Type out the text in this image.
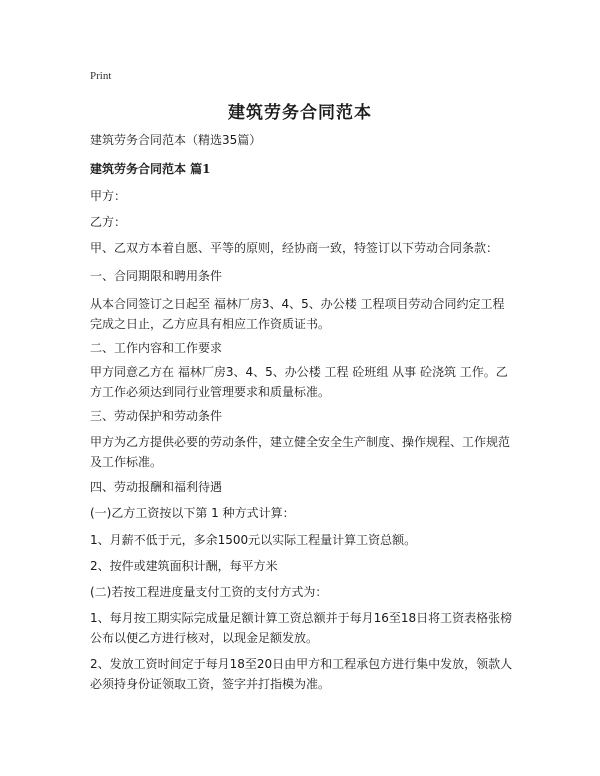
Print
建筑劳务合同范本
建筑劳务合同范本（精选35篇）
建筑劳务合同范本 篇1
甲方：
乙方：
甲、乙双方本着自愿、平等的原则，经协商一致，特签订以下劳动合同条款：
一、合同期限和聘用条件
从本合同签订之日起至 福林厂房3、4、5、办公楼 工程项目劳动合同约定工程完成之日止，乙方应具有相应工作资质证书。
二、工作内容和工作要求
甲方同意乙方在 福林厂房3、4、5、办公楼 工程 砼班组 从事 砼浇筑 工作。乙方工作必须达到同行业管理要求和质量标准。
三、劳动保护和劳动条件
甲方为乙方提供必要的劳动条件，建立健全安全生产制度、操作规程、工作规范及工作标准。
四、劳动报酬和福利待遇
(一)乙方工资按以下第 1 种方式计算：
1、月薪不低于元，多余1500元以实际工程量计算工资总额。
2、按件或建筑面积计酬，每平方米
(二)若按工程进度量支付工资的支付方式为：
1、每月按工期实际完成量足额计算工资总额并于每月16至18日将工资表格张榜公布以便乙方进行核对，以现金足额发放。
2、发放工资时间定于每月18至20日由甲方和工程承包方进行集中发放，领款人必须持身份证领取工资，签字并打指模为准。
